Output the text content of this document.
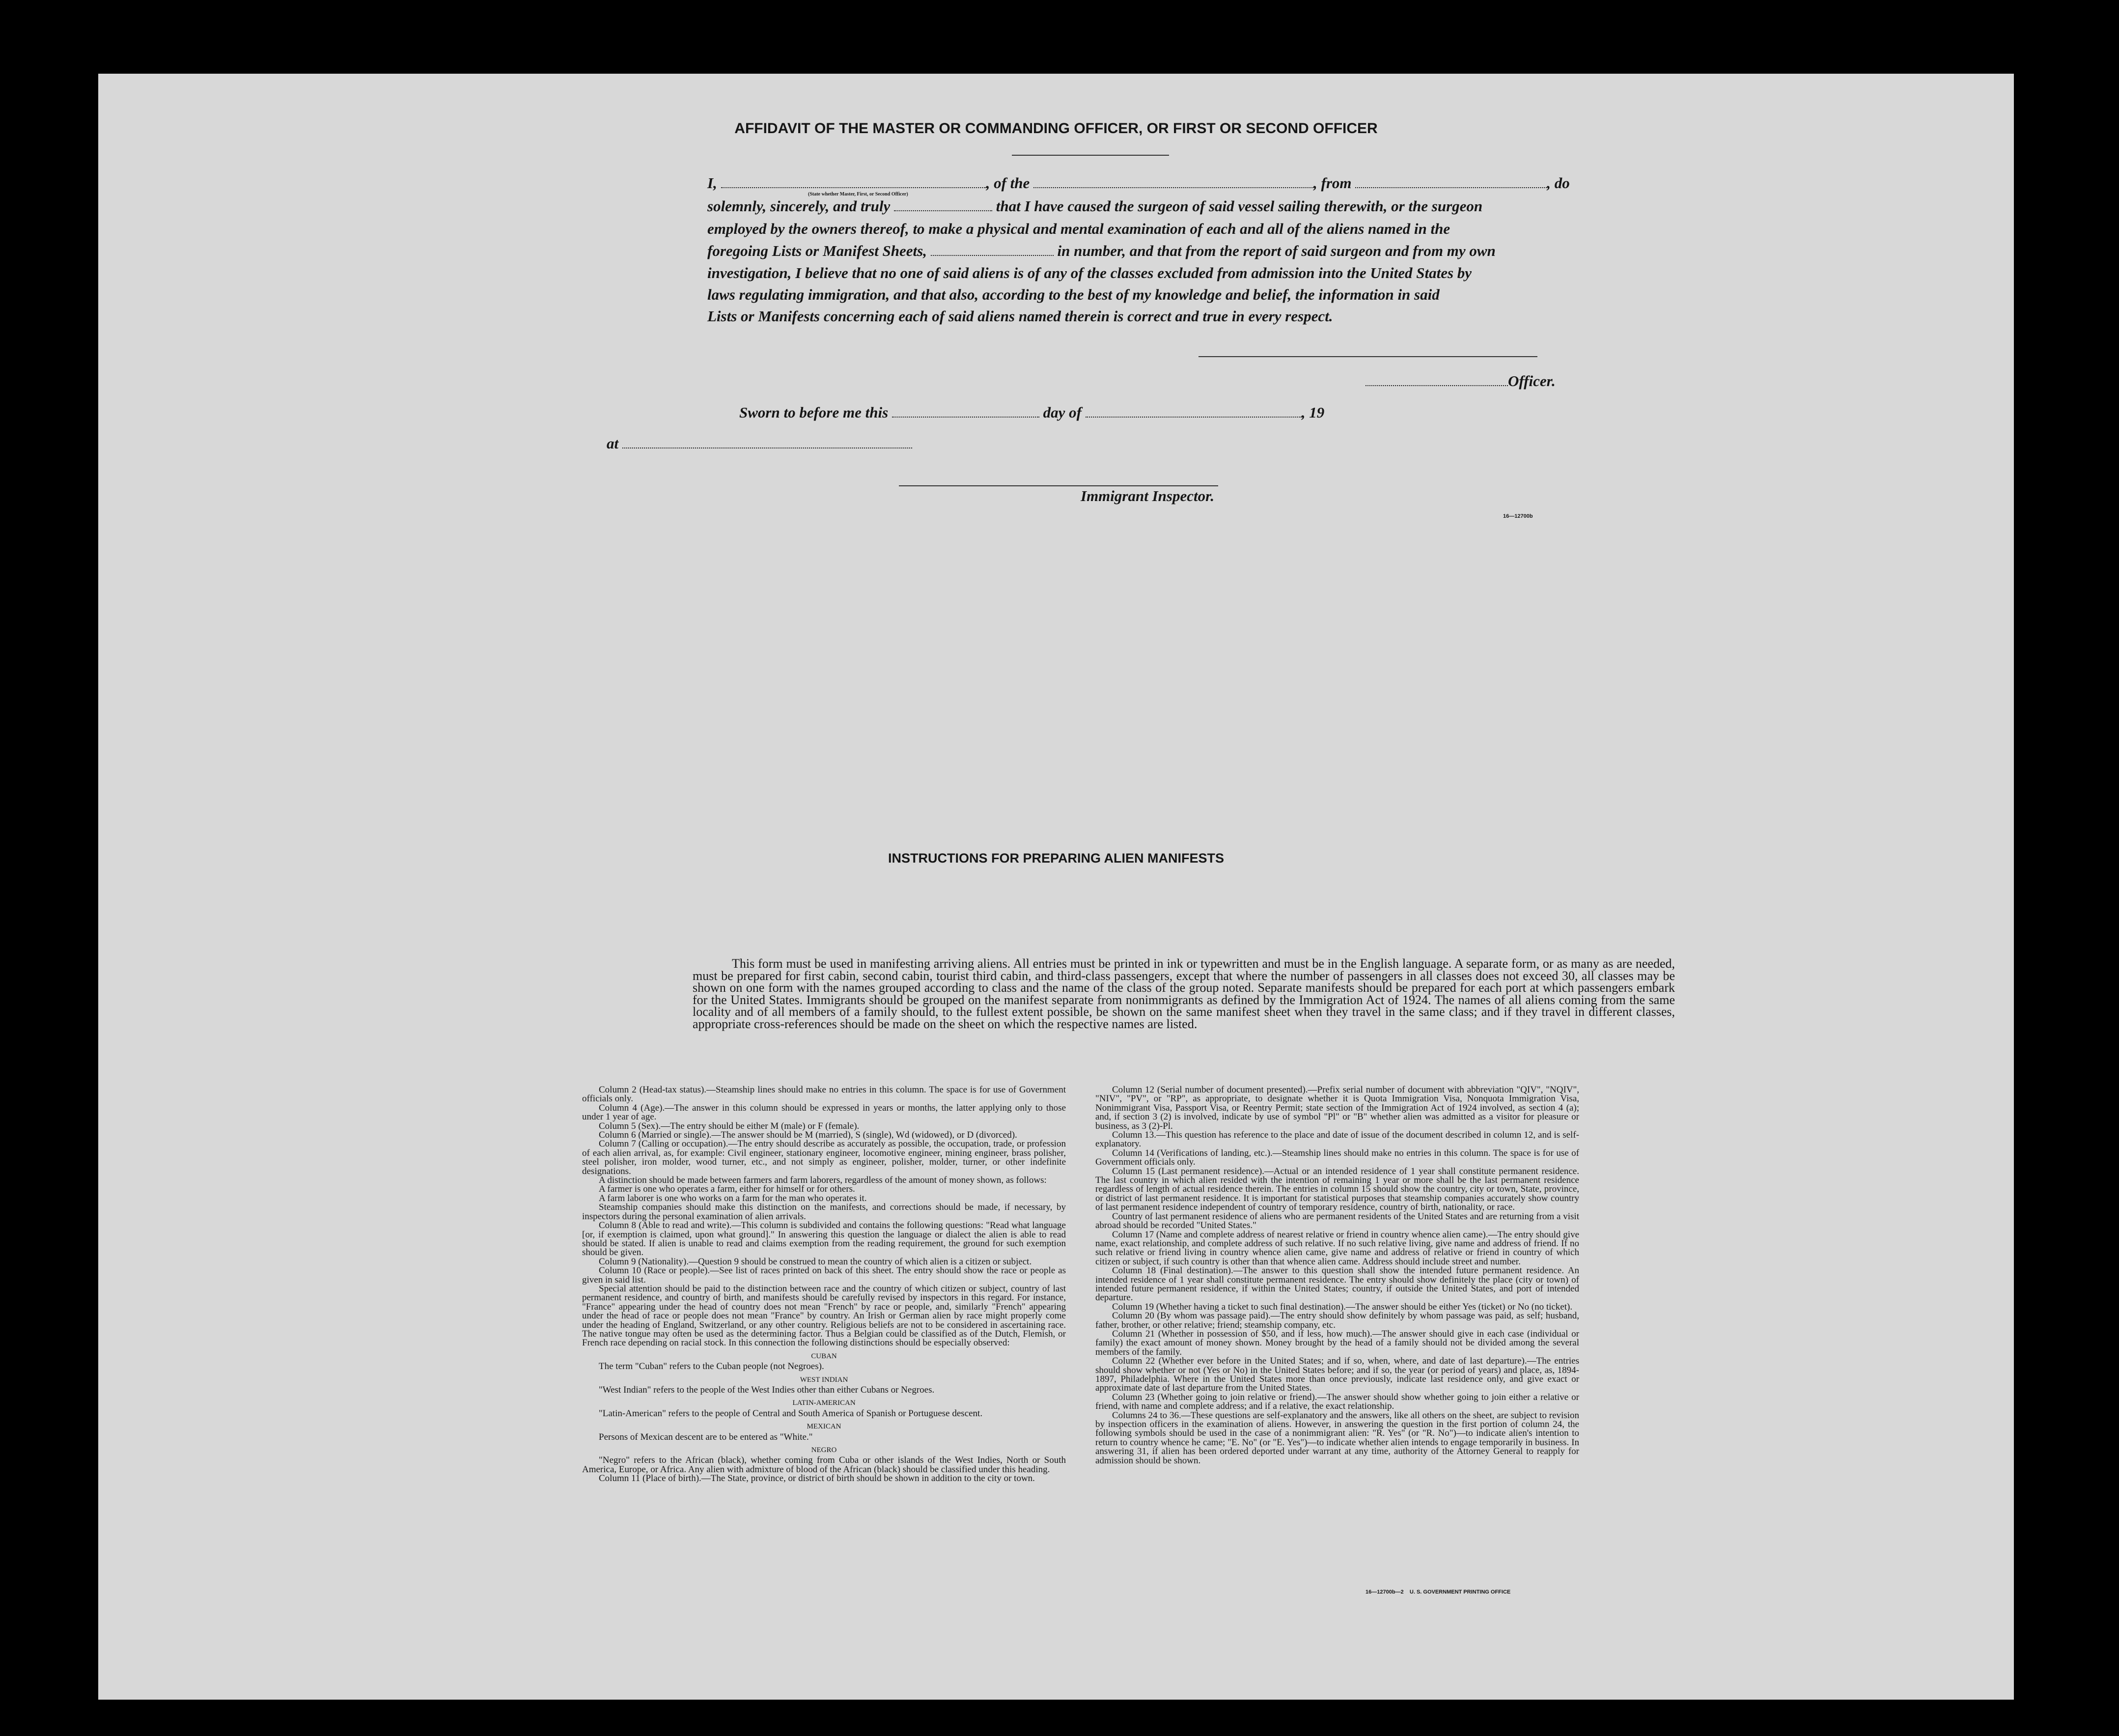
AFFIDAVIT OF THE MASTER OR COMMANDING OFFICER, OR FIRST OR SECOND OFFICER
I,	, of the	, from	, do
(State whether Master, First, or Second Officer)
solemnly, sincerely, and truly	that I have caused the surgeon of said vessel sailing therewith, or the surgeon
employed by the owners thereof, to make a physical and mental examination of each and all of the aliens named in the
foregoing Lists or Manifest Sheets,	in number, and that from the report of said surgeon and from my own
investigation, I believe that no one of said aliens is of any of the classes excluded from admission into the United States by
laws regulating immigration, and that also, according to the best of my knowledge and belief, the information in said
Lists or Manifests concerning each of said aliens named therein is correct and true in every respect.
Officer.
Sworn to before me this	day of	, 19
at
Immigrant Inspector.
16—12700b
INSTRUCTIONS FOR PREPARING ALIEN MANIFESTS
This form must be used in manifesting arriving aliens. All entries must be printed in ink or typewritten and must be in the English language. A separate form, or as many as are needed, must be prepared for first cabin, second cabin, tourist third cabin, and third-class passengers, except that where the number of passengers in all classes does not exceed 30, all classes may be shown on one form with the names grouped according to class and the name of the class of the group noted. Separate manifests should be prepared for each port at which passengers embark for the United States. Immigrants should be grouped on the manifest separate from nonimmigrants as defined by the Immigration Act of 1924. The names of all aliens coming from the same locality and of all members of a family should, to the fullest extent possible, be shown on the same manifest sheet when they travel in the same class; and if they travel in different classes, appropriate cross-references should be made on the sheet on which the respective names are listed.

Column 2 (Head-tax status).—Steamship lines should make no entries in this column. The space is for use of Government officials only.

Column 4 (Age).—The answer in this column should be expressed in years or months, the latter applying only to those under 1 year of age.

Column 5 (Sex).—The entry should be either M (male) or F (female).

Column 6 (Married or single).—The answer should be M (married), S (single), Wd (widowed), or D (divorced).

Column 7 (Calling or occupation).—The entry should describe as accurately as possible, the occupation, trade, or profession of each alien arrival, as, for example: Civil engineer, stationary engineer, locomotive engineer, mining engineer, brass polisher, steel polisher, iron molder, wood turner, etc., and not simply as engineer, polisher, molder, turner, or other indefinite designations.

A distinction should be made between farmers and farm laborers, regardless of the amount of money shown, as follows:

A farmer is one who operates a farm, either for himself or for others.

A farm laborer is one who works on a farm for the man who operates it.

Steamship companies should make this distinction on the manifests, and corrections should be made, if necessary, by inspectors during the personal examination of alien arrivals.

Column 8 (Able to read and write).—This column is subdivided and contains the following questions: "Read what language [or, if exemption is claimed, upon what ground]." In answering this question the language or dialect the alien is able to read should be stated. If alien is unable to read and claims exemption from the reading requirement, the ground for such exemption should be given.

Column 9 (Nationality).—Question 9 should be construed to mean the country of which alien is a citizen or subject.

Column 10 (Race or people).—See list of races printed on back of this sheet. The entry should show the race or people as given in said list.

Special attention should be paid to the distinction between race and the country of which citizen or subject, country of last permanent residence, and country of birth, and manifests should be carefully revised by inspectors in this regard. For instance, "France" appearing under the head of country does not mean "French" by race or people, and, similarly "French" appearing under the head of race or people does not mean "France" by country. An Irish or German alien by race might properly come under the heading of England, Switzerland, or any other country. Religious beliefs are not to be considered in ascertaining race. The native tongue may often be used as the determining factor. Thus a Belgian could be classified as of the Dutch, Flemish, or French race depending on racial stock. In this connection the following distinctions should be especially observed:

CUBAN

The term "Cuban" refers to the Cuban people (not Negroes).

WEST INDIAN

"West Indian" refers to the people of the West Indies other than either Cubans or Negroes.

LATIN-AMERICAN

"Latin-American" refers to the people of Central and South America of Spanish or Portuguese descent.

MEXICAN

Persons of Mexican descent are to be entered as "White."

NEGRO

"Negro" refers to the African (black), whether coming from Cuba or other islands of the West Indies, North or South America, Europe, or Africa. Any alien with admixture of blood of the African (black) should be classified under this heading.

Column 11 (Place of birth).—The State, province, or district of birth should be shown in addition to the city or town.

Column 12 (Serial number of document presented).—Prefix serial number of document with abbreviation "QIV", "NQIV", "NIV", "PV", or "RP", as appropriate, to designate whether it is Quota Immigration Visa, Nonquota Immigration Visa, Nonimmigrant Visa, Passport Visa, or Reentry Permit; state section of the Immigration Act of 1924 involved, as section 4 (a); and, if section 3 (2) is involved, indicate by use of symbol "Pl" or "B" whether alien was admitted as a visitor for pleasure or business, as 3 (2)-Pl.

Column 13.—This question has reference to the place and date of issue of the document described in column 12, and is self-explanatory.

Column 14 (Verifications of landing, etc.).—Steamship lines should make no entries in this column. The space is for use of Government officials only.

Column 15 (Last permanent residence).—Actual or an intended residence of 1 year shall constitute permanent residence. The last country in which alien resided with the intention of remaining 1 year or more shall be the last permanent residence regardless of length of actual residence therein. The entries in column 15 should show the country, city or town, State, province, or district of last permanent residence. It is important for statistical purposes that steamship companies accurately show country of last permanent residence independent of country of temporary residence, country of birth, nationality, or race.

Country of last permanent residence of aliens who are permanent residents of the United States and are returning from a visit abroad should be recorded "United States."

Column 17 (Name and complete address of nearest relative or friend in country whence alien came).—The entry should give name, exact relationship, and complete address of such relative. If no such relative living, give name and address of friend. If no such relative or friend living in country whence alien came, give name and address of relative or friend in country of which citizen or subject, if such country is other than that whence alien came. Address should include street and number.

Column 18 (Final destination).—The answer to this question shall show the intended future permanent residence. An intended residence of 1 year shall constitute permanent residence. The entry should show definitely the place (city or town) of intended future permanent residence, if within the United States; country, if outside the United States, and port of intended departure.

Column 19 (Whether having a ticket to such final destination).—The answer should be either Yes (ticket) or No (no ticket).

Column 20 (By whom was passage paid).—The entry should show definitely by whom passage was paid, as self; husband, father, brother, or other relative; friend; steamship company, etc.

Column 21 (Whether in possession of $50, and if less, how much).—The answer should give in each case (individual or family) the exact amount of money shown. Money brought by the head of a family should not be divided among the several members of the family.

Column 22 (Whether ever before in the United States; and if so, when, where, and date of last departure).—The entries should show whether or not (Yes or No) in the United States before; and if so, the year (or period of years) and place, as, 1894-1897, Philadelphia. Where in the United States more than once previously, indicate last residence only, and give exact or approximate date of last departure from the United States.

Column 23 (Whether going to join relative or friend).—The answer should show whether going to join either a relative or friend, with name and complete address; and if a relative, the exact relationship.

Columns 24 to 36.—These questions are self-explanatory and the answers, like all others on the sheet, are subject to revision by inspection officers in the examination of aliens. However, in answering the question in the first portion of column 24, the following symbols should be used in the case of a nonimmigrant alien: "R. Yes" (or "R. No")—to indicate alien's intention to return to country whence he came; "E. No" (or "E. Yes")—to indicate whether alien intends to engage temporarily in business. In answering 31, if alien has been ordered deported under warrant at any time, authority of the Attorney General to reapply for admission should be shown.

16—12700b—2    U. S. GOVERNMENT PRINTING OFFICE
